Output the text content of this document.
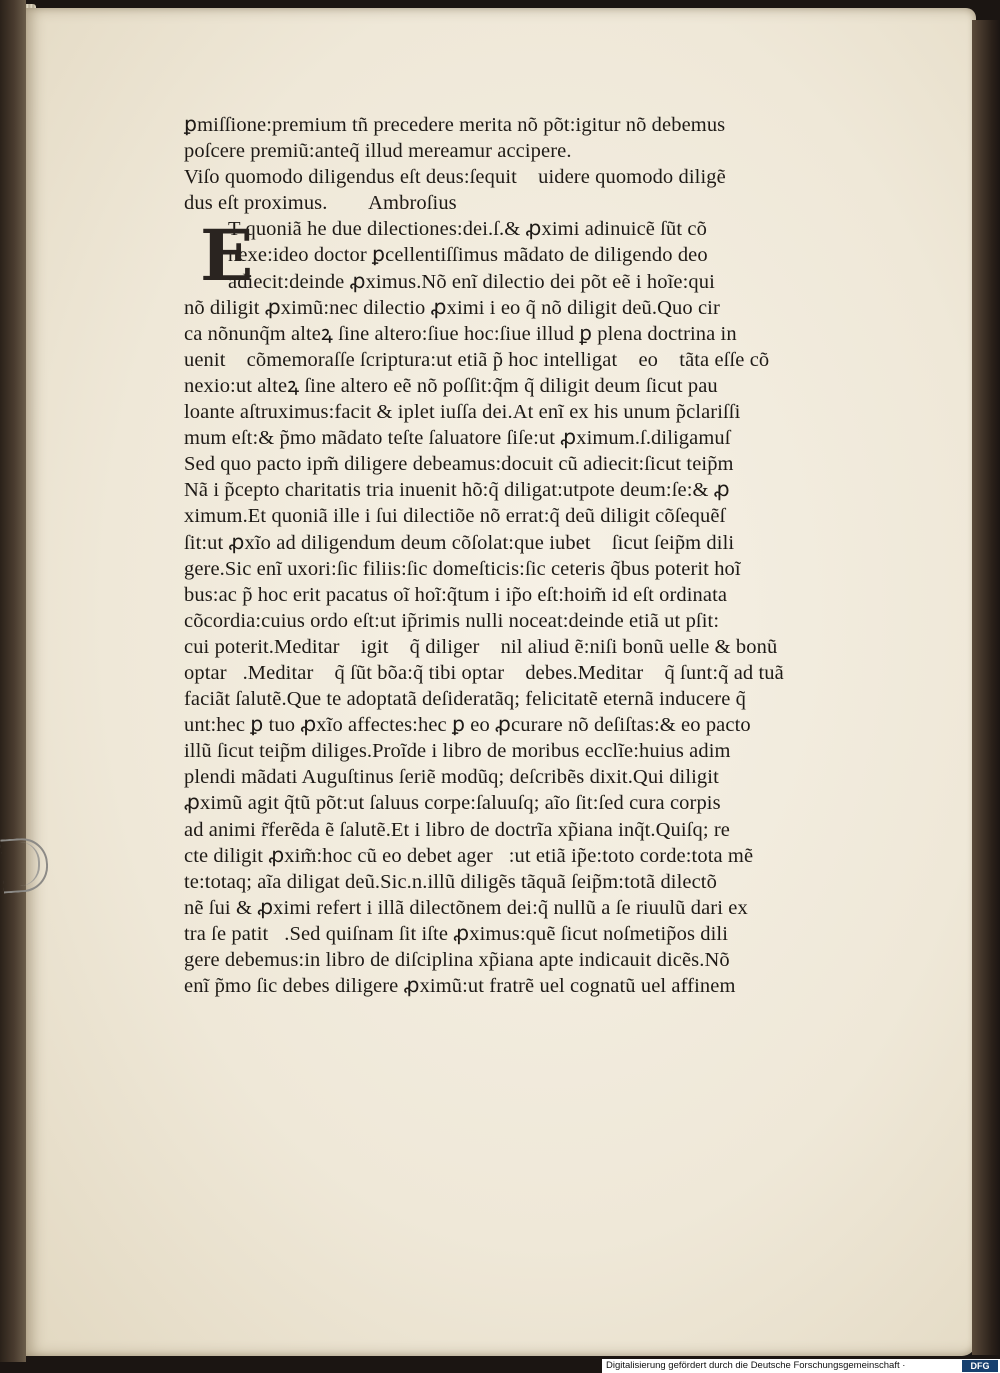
ꝑmiſſione:premium tñ precedere merita nõ põt:igitur nõ debemus
poſcere premiũ:anteq̃ illud mereamur accipere.
Viſo quomodo diligendus eſt deus:ſequit᷑ uidere quomodo diligẽ
dus eſt proximus.        Ambroſius
T quoniã he due dilectiones:dei.ſ.& ꝓximi adinuicẽ ſũt cõ
nexe:ideo doctor ꝑcellentiſſimus mãdato de diligendo deo
adiecit:deinde ꝓximus.Nõ enĩ dilectio dei põt eẽ i hoĩe:qui
nõ diligit ꝓximũ:nec dilectio ꝓximi i eo q̃ nõ diligit deũ.Quo cir
ca nõnunq̃m alteꝝ ſine altero:ſiue hoc:ſiue illud ꝑ plena doctrina in
uenit᷑ cõmemoraſſe ſcriptura:ut etiã p̃ hoc intelligat᷑ eoꝝ tãta eſſe cõ
nexio:ut alteꝝ ſine altero eẽ nõ poſſit:q̃m q̃ diligit deum ſicut pau
loante aſtruximus:facit & iplet iuſſa dei.At enĩ ex his unum p̃clariſſi
mum eſt:& p̃mo mãdato teſte ſaluatore ſiſe:ut ꝓximum.ſ.diligamuſ
Sed quo pacto ipm̃ diligere debeamus:docuit cũ adiecit:ſicut teip̃m
Nã i p̃cepto charitatis tria inuenit hõ:q̃ diligat:utpote deum:ſe:& ꝓ
ximum.Et quoniã ille i ſui dilectiõe nõ errat:q̃ deũ diligit cõſequẽſ
ſit:ut ꝓxĩo ad diligendum deum cõſolat:que iubet᷑ ſicut ſeip̃m dili
gere.Sic enĩ uxori:ſic filiis:ſic domeſticis:ſic ceteris q̃bus poterit hoĩ
bus:ac p̃ hoc erit pacatus oĩ hoĩ:q̃tum i ip̃o eſt:hoim̃ id eſt ordinata
cõcordia:cuius ordo eſt:ut ip̃rimis nulli noceat:deinde etiã ut pſit:
cui poterit.Meditar᷑ igit᷑ q̃ diliger᷑ nil aliud ẽ:niſi bonũ uelle & bonũ
optar᷑.Meditar᷑ q̃ ſũt bõa:q̃ tibi optar᷑ debes.Meditar᷑ q̃ ſunt:q̃ ad tuã
faciãt ſalutẽ.Que te adoptatã deſideratãq; felicitatẽ eternã inducere q̃
unt:hec ꝑ tuo ꝓxĩo affectes:hec ꝑ eo ꝓcurare nõ deſiſtas:& eo pacto
illũ ſicut teip̃m diliges.Proĩde i libro de moribus ecclĩe:huius adim
plendi mãdati Auguſtinus ſeriẽ modũq; deſcribẽs dixit.Qui diligit
ꝓximũ agit q̃tũ põt:ut ſaluus corpe:ſaluuſq; aĩo ſit:ſed cura corpis
ad animi r̃ferẽda ẽ ſalutẽ.Et i libro de doctrĩa xp̃iana inq̃t.Quiſq; re
cte diligit ꝓxim̃:hoc cũ eo debet ager᷑:ut etiã ip̃e:toto corde:tota mẽ
te:totaq; aĩa diligat deũ.Sic.n.illũ diligẽs tãquã ſeip̃m:totã dilectõ
nẽ ſui & ꝓximi refert i illã dilectõnem dei:q̃ nullũ a ſe riuulũ dari ex
tra ſe patit᷑.Sed quiſnam ſit iſte ꝓximus:quẽ ſicut noſmetip̃os dili
gere debemus:in libro de diſciplina xp̃iana apte indicauit dicẽs.Nõ
enĩ p̃mo ſic debes diligere ꝓximũ:ut fratrẽ uel cognatũ uel affinem
E
Digitalisierung gefördert durch die Deutsche Forschungsgemeinschaft ·	DFG
